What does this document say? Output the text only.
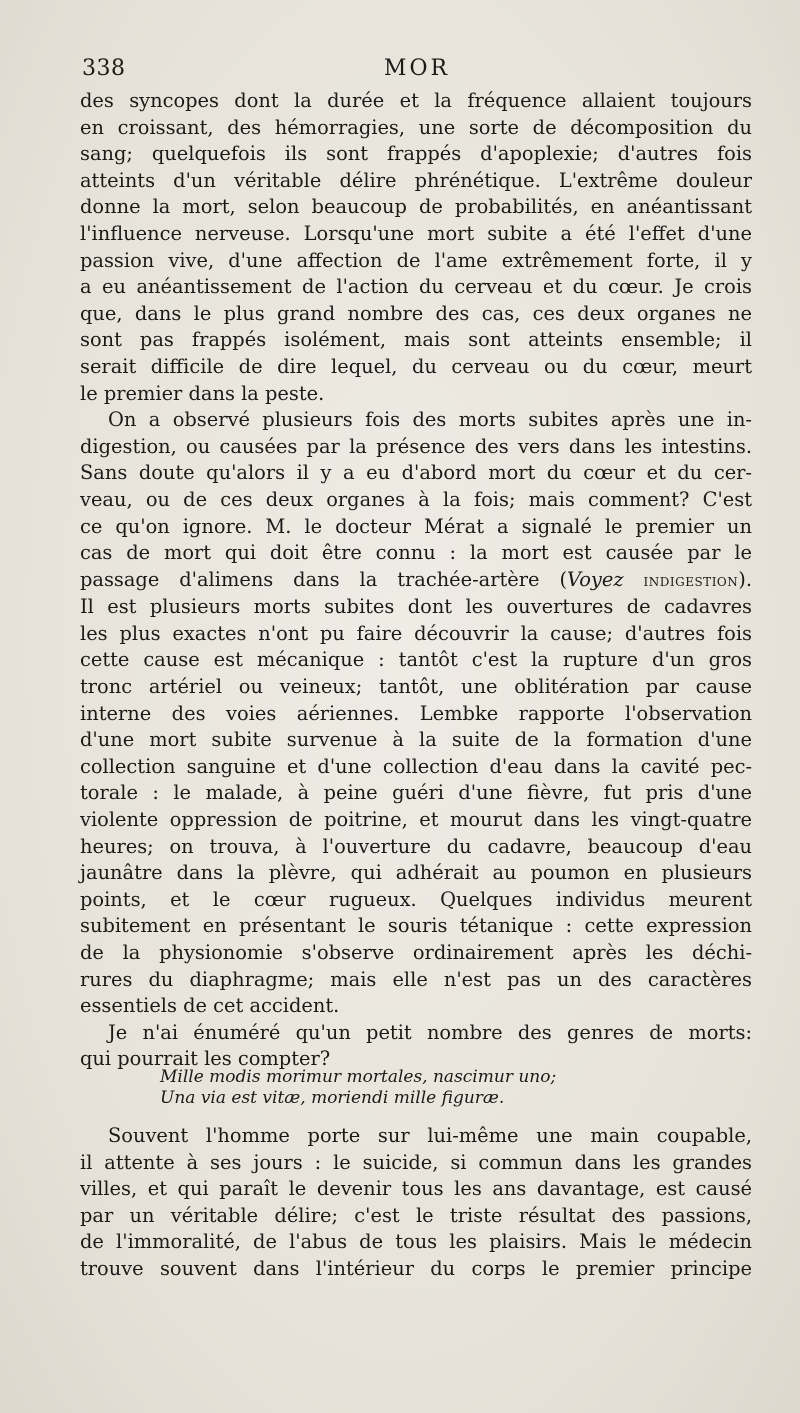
338	MOR
des syncopes dont la durée et la fréquence allaient toujours
en croissant, des hémorragies, une sorte de décomposition du
sang; quelquefois ils sont frappés d'apoplexie; d'autres fois
atteints d'un véritable délire phrénétique. L'extrême douleur
donne la mort, selon beaucoup de probabilités, en anéantissant
l'influence nerveuse. Lorsqu'une mort subite a été l'effet d'une
passion vive, d'une affection de l'ame extrêmement forte, il y
a eu anéantissement de l'action du cerveau et du cœur. Je crois
que, dans le plus grand nombre des cas, ces deux organes ne
sont pas frappés isolément, mais sont atteints ensemble; il
serait difficile de dire lequel, du cerveau ou du cœur, meurt
le premier dans la peste.
On a observé plusieurs fois des morts subites après une in-
digestion, ou causées par la présence des vers dans les intestins.
Sans doute qu'alors il y a eu d'abord mort du cœur et du cer-
veau, ou de ces deux organes à la fois; mais comment? C'est
ce qu'on ignore. M. le docteur Mérat a signalé le premier un
cas de mort qui doit être connu : la mort est causée par le
passage d'alimens dans la trachée-artère (Voyez indigestion).
Il est plusieurs morts subites dont les ouvertures de cadavres
les plus exactes n'ont pu faire découvrir la cause; d'autres fois
cette cause est mécanique : tantôt c'est la rupture d'un gros
tronc artériel ou veineux; tantôt, une oblitération par cause
interne des voies aériennes. Lembke rapporte l'observation
d'une mort subite survenue à la suite de la formation d'une
collection sanguine et d'une collection d'eau dans la cavité pec-
torale : le malade, à peine guéri d'une fièvre, fut pris d'une
violente oppression de poitrine, et mourut dans les vingt-quatre
heures; on trouva, à l'ouverture du cadavre, beaucoup d'eau
jaunâtre dans la plèvre, qui adhérait au poumon en plusieurs
points, et le cœur rugueux. Quelques individus meurent
subitement en présentant le souris tétanique : cette expression
de la physionomie s'observe ordinairement après les déchi-
rures du diaphragme; mais elle n'est pas un des caractères
essentiels de cet accident.
Je n'ai énuméré qu'un petit nombre des genres de morts:
qui pourrait les compter?
Mille modis morimur mortales, nascimur uno;
Una via est vitæ, moriendi mille figuræ.
Souvent l'homme porte sur lui-même une main coupable,
il attente à ses jours : le suicide, si commun dans les grandes
villes, et qui paraît le devenir tous les ans davantage, est causé
par un véritable délire; c'est le triste résultat des passions,
de l'immoralité, de l'abus de tous les plaisirs. Mais le médecin
trouve souvent dans l'intérieur du corps le premier principe
